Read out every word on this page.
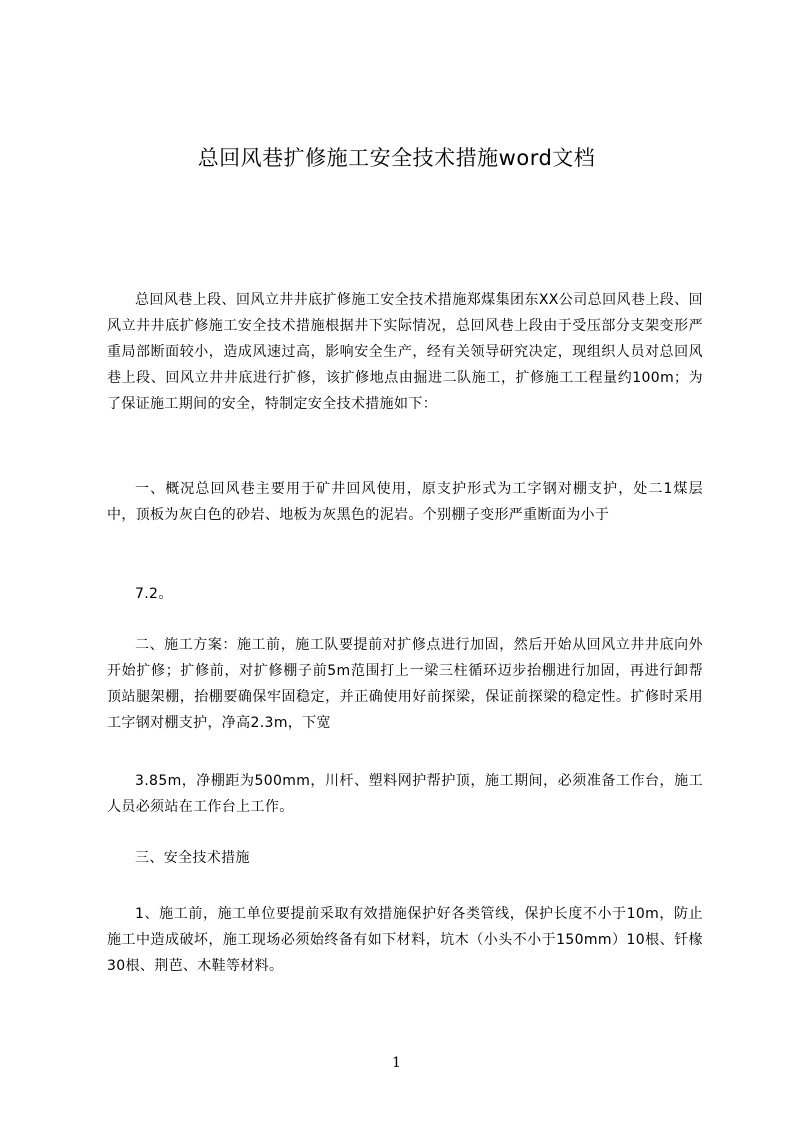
总回风巷扩修施工安全技术措施word文档

总回风巷上段、回风立井井底扩修施工安全技术措施郑煤集团东XX公司总回风巷上段、回风立井井底扩修施工安全技术措施根据井下实际情况，总回风巷上段由于受压部分支架变形严重局部断面较小，造成风速过高，影响安全生产，经有关领导研究决定，现组织人员对总回风巷上段、回风立井井底进行扩修，该扩修地点由掘进二队施工，扩修施工工程量约100m；为了保证施工期间的安全，特制定安全技术措施如下：

一、概况总回风巷主要用于矿井回风使用，原支护形式为工字钢对棚支护，处二1煤层中，顶板为灰白色的砂岩、地板为灰黑色的泥岩。个别棚子变形严重断面为小于

7.2。

二、施工方案：施工前，施工队要提前对扩修点进行加固，然后开始从回风立井井底向外开始扩修；扩修前，对扩修棚子前5m范围打上一梁三柱循环迈步抬棚进行加固，再进行卸帮顶站腿架棚，抬棚要确保牢固稳定，并正确使用好前探梁，保证前探梁的稳定性。扩修时采用工字钢对棚支护，净高2.3m，下宽

3.85m，净棚距为500mm，川杆、塑料网护帮护顶，施工期间，必须准备工作台，施工人员必须站在工作台上工作。

三、安全技术措施

1、施工前，施工单位要提前采取有效措施保护好各类管线，保护长度不小于10m，防止施工中造成破坏，施工现场必须始终备有如下材料，坑木（小头不小于150mm）10根、钎椽30根、荆芭、木鞋等材料。

1
